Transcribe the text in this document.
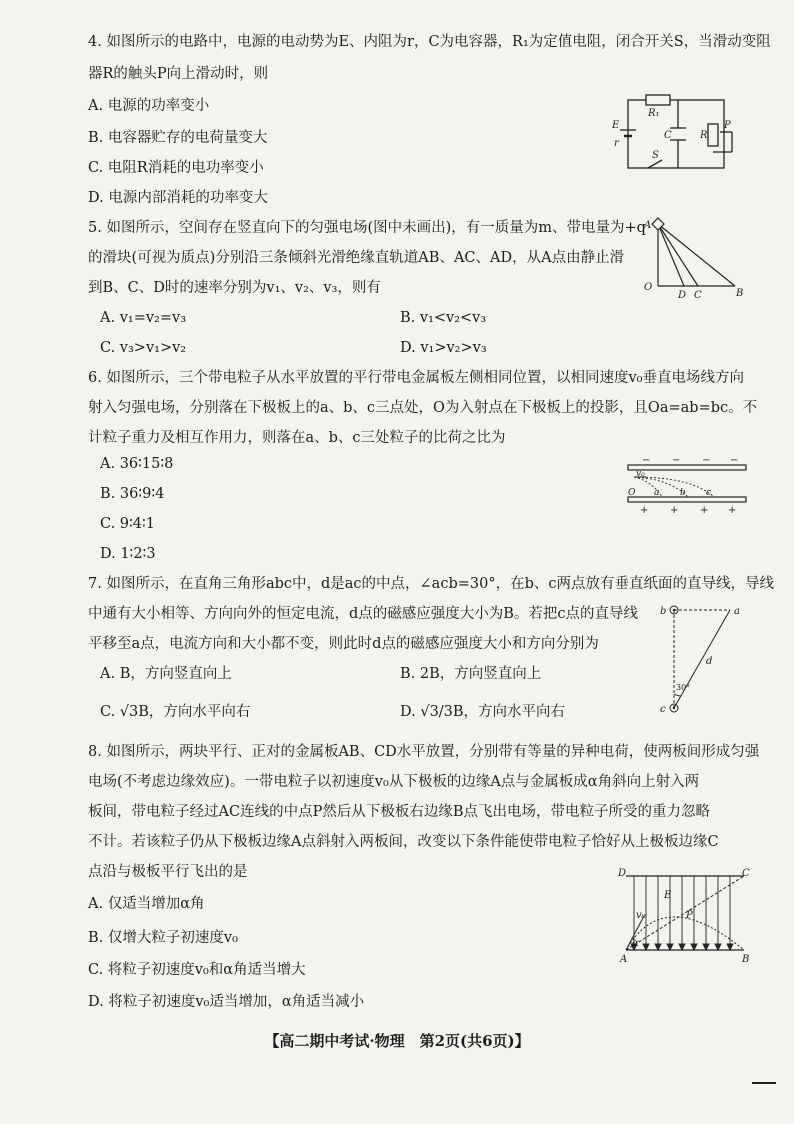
4. 如图所示的电路中，电源的电动势为E、内阻为r，C为电容器，R₁为定值电阻，闭合开关S，当滑动变阻
器R的触头P向上滑动时，则
A. 电源的功率变小
B. 电容器贮存的电荷量变大
C. 电阻R消耗的电功率变小
D. 电源内部消耗的功率变大
R₁
E
r
C	R
P
S
5. 如图所示，空间存在竖直向下的匀强电场(图中未画出)，有一质量为m、带电量为+q
的滑块(可视为质点)分别沿三条倾斜光滑绝缘直轨道AB、AC、AD，从A点由静止滑
到B、C、D时的速率分别为v₁、v₂、v₃，则有
A. v₁=v₂=v₃	B. v₁<v₂<v₃
C. v₃>v₁>v₂	D. v₁>v₂>v₃
A
O
D C	B
6. 如图所示，三个带电粒子从水平放置的平行带电金属板左侧相同位置，以相同速度v₀垂直电场线方向
射入匀强电场，分别落在下极板上的a、b、c三点处，O为入射点在下极板上的投影，且Oa=ab=bc。不
计粒子重力及相互作用力，则落在a、b、c三处粒子的比荷之比为
A. 36∶15∶8
B. 36∶9∶4
C. 9∶4∶1
D. 1∶2∶3
− − − −
+ + + +
v₀
O a b c
7. 如图所示，在直角三角形abc中，d是ac的中点，∠acb=30°，在b、c两点放有垂直纸面的直导线，导线
中通有大小相等、方向向外的恒定电流，d点的磁感应强度大小为B。若把c点的直导线
平移至a点，电流方向和大小都不变，则此时d点的磁感应强度大小和方向分别为
A. B，方向竖直向上	B. 2B，方向竖直向上
C. √3B，方向水平向右	D. √3/3B，方向水平向右
b	a
d
c
30°
8. 如图所示，两块平行、正对的金属板AB、CD水平放置，分别带有等量的异种电荷，使两板间形成匀强
电场(不考虑边缘效应)。一带电粒子以初速度v₀从下极板的边缘A点与金属板成α角斜向上射入两
板间，带电粒子经过AC连线的中点P然后从下极板右边缘B点飞出电场，带电粒子所受的重力忽略
不计。若该粒子仍从下极板边缘A点斜射入两板间，改变以下条件能使带电粒子恰好从上极板边缘C
点沿与极板平行飞出的是
A. 仅适当增加α角
B. 仅增大粒子初速度v₀
C. 将粒子初速度v₀和α角适当增大
D. 将粒子初速度v₀适当增加，α角适当减小
D	C
E
v₀	P
α
A	B
【高二期中考试·物理　第2页(共6页)】
